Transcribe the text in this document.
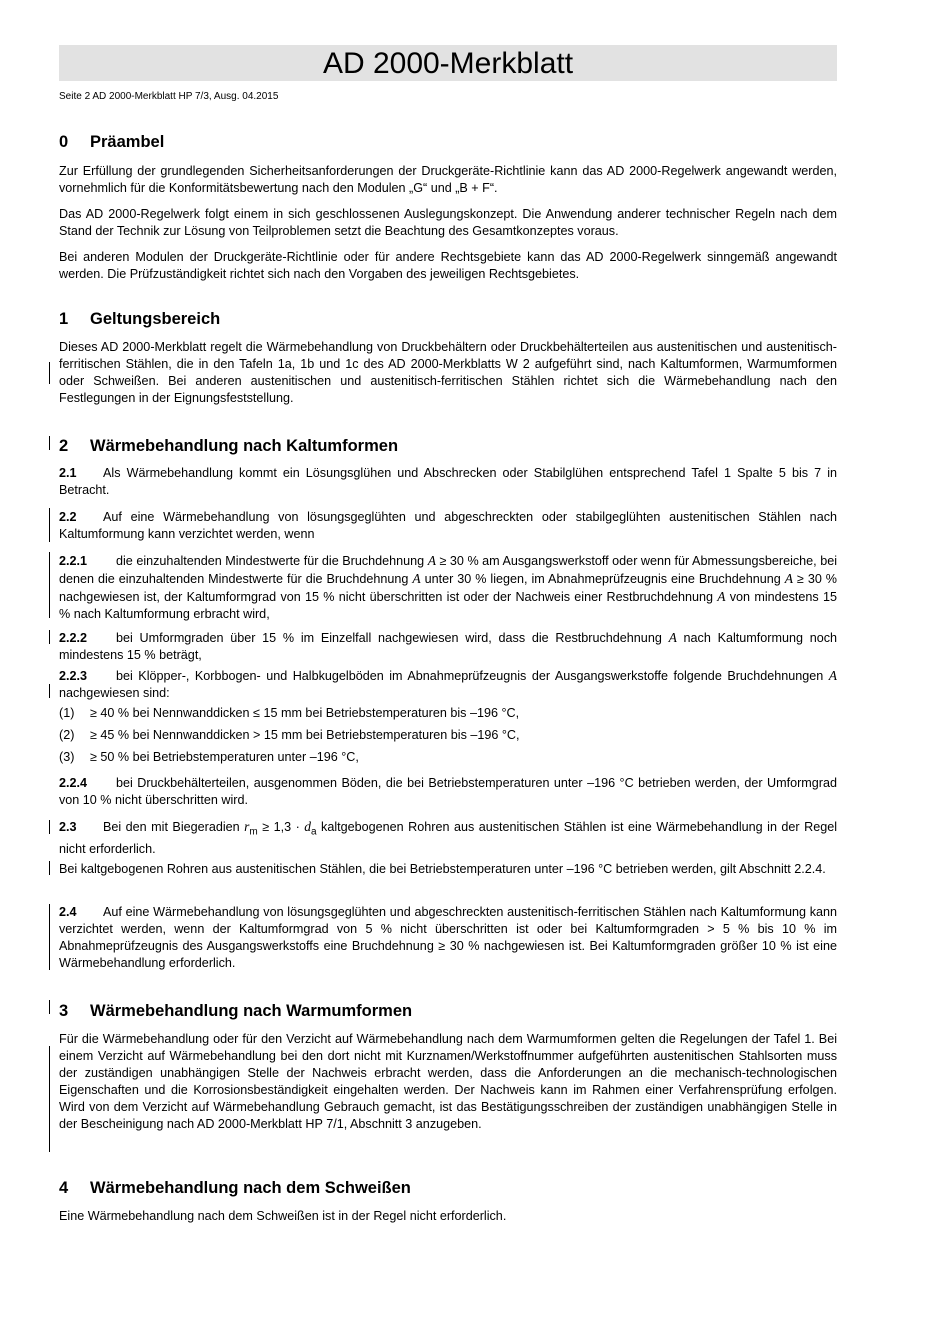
AD 2000-Merkblatt
Seite 2 AD 2000-Merkblatt HP 7/3, Ausg. 04.2015
0 Präambel
Zur Erfüllung der grundlegenden Sicherheitsanforderungen der Druckgeräte-Richtlinie kann das AD 2000-Regelwerk angewandt werden, vornehmlich für die Konformitätsbewertung nach den Modulen „G“ und „B + F“.
Das AD 2000-Regelwerk folgt einem in sich geschlossenen Auslegungskonzept. Die Anwendung anderer technischer Regeln nach dem Stand der Technik zur Lösung von Teilproblemen setzt die Beachtung des Gesamtkonzeptes voraus.
Bei anderen Modulen der Druckgeräte-Richtlinie oder für andere Rechtsgebiete kann das AD 2000-Regelwerk sinngemäß angewandt werden. Die Prüfzuständigkeit richtet sich nach den Vorgaben des jeweiligen Rechtsgebietes.
1 Geltungsbereich
Dieses AD 2000-Merkblatt regelt die Wärmebehandlung von Druckbehältern oder Druckbehälterteilen aus austenitischen und austenitisch-ferritischen Stählen, die in den Tafeln 1a, 1b und 1c des AD 2000-Merkblatts W 2 aufgeführt sind, nach Kaltumformen, Warmumformen oder Schweißen. Bei anderen austenitischen und austenitisch-ferritischen Stählen richtet sich die Wärmebehandlung nach den Festlegungen in der Eignungsfeststellung.
2 Wärmebehandlung nach Kaltumformen
2.1 Als Wärmebehandlung kommt ein Lösungsglühen und Abschrecken oder Stabilglühen entsprechend Tafel 1 Spalte 5 bis 7 in Betracht.
2.2 Auf eine Wärmebehandlung von lösungsgeglühten und abgeschreckten oder stabilgeglühten austenitischen Stählen nach Kaltumformung kann verzichtet werden, wenn
2.2.1 die einzuhaltenden Mindestwerte für die Bruchdehnung A ≥ 30 % am Ausgangswerkstoff oder wenn für Abmessungsbereiche, bei denen die einzuhaltenden Mindestwerte für die Bruchdehnung A unter 30 % liegen, im Abnahmeprüfzeugnis eine Bruchdehnung A ≥ 30 % nachgewiesen ist, der Kaltumformgrad von 15 % nicht überschritten ist oder der Nachweis einer Restbruchdehnung A von mindestens 15 % nach Kaltumformung erbracht wird,
2.2.2 bei Umformgraden über 15 % im Einzelfall nachgewiesen wird, dass die Restbruchdehnung A nach Kaltumformung noch mindestens 15 % beträgt,
2.2.3 bei Klöpper-, Korbbogen- und Halbkugelböden im Abnahmeprüfzeugnis der Ausgangswerkstoffe folgende Bruchdehnungen A nachgewiesen sind:
(1) ≥ 40 % bei Nennwanddicken ≤ 15 mm bei Betriebstemperaturen bis –196 °C,
(2) ≥ 45 % bei Nennwanddicken > 15 mm bei Betriebstemperaturen bis –196 °C,
(3) ≥ 50 % bei Betriebstemperaturen unter –196 °C,
2.2.4 bei Druckbehälterteilen, ausgenommen Böden, die bei Betriebstemperaturen unter –196 °C betrieben werden, der Umformgrad von 10 % nicht überschritten wird.
2.3 Bei den mit Biegeradien $r_m \ge 1,3 \cdot d_a$ kaltgebogenen Rohren aus austenitischen Stählen ist eine Wärmebehandlung in der Regel nicht erforderlich.
Bei kaltgebogenen Rohren aus austenitischen Stählen, die bei Betriebstemperaturen unter –196 °C betrieben werden, gilt Abschnitt 2.2.4.
2.4 Auf eine Wärmebehandlung von lösungsgeglühten und abgeschreckten austenitisch-ferritischen Stählen nach Kaltumformung kann verzichtet werden, wenn der Kaltumformgrad von 5 % nicht überschritten ist oder bei Kaltumformgraden > 5 % bis 10 % im Abnahmeprüfzeugnis des Ausgangswerkstoffs eine Bruchdehnung ≥ 30 % nachgewiesen ist. Bei Kaltumformgraden größer 10 % ist eine Wärmebehandlung erforderlich.
3 Wärmebehandlung nach Warmumformen
Für die Wärmebehandlung oder für den Verzicht auf Wärmebehandlung nach dem Warmumformen gelten die Regelungen der Tafel 1. Bei einem Verzicht auf Wärmebehandlung bei den dort nicht mit Kurznamen/Werkstoffnummer aufgeführten austenitischen Stahlsorten muss der zuständigen unabhängigen Stelle der Nachweis erbracht werden, dass die Anforderungen an die mechanisch-technologischen Eigenschaften und die Korrosionsbeständigkeit eingehalten werden. Der Nachweis kann im Rahmen einer Verfahrensprüfung erfolgen. Wird von dem Verzicht auf Wärmebehandlung Gebrauch gemacht, ist das Bestätigungsschreiben der zuständigen unabhängigen Stelle in der Bescheinigung nach AD 2000-Merkblatt HP 7/1, Abschnitt 3 anzugeben.
4 Wärmebehandlung nach dem Schweißen
Eine Wärmebehandlung nach dem Schweißen ist in der Regel nicht erforderlich.
